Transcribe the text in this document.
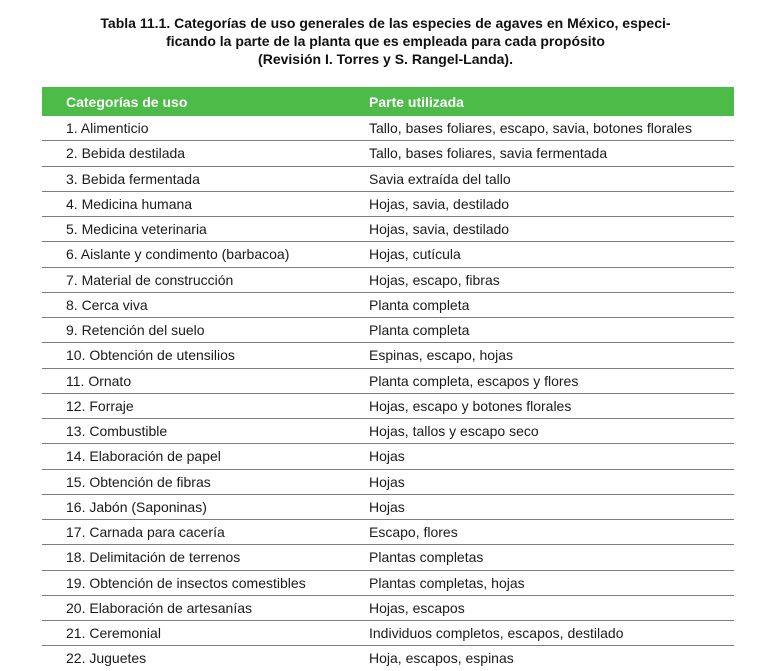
Tabla 11.1. Categorías de uso generales de las especies de agaves en México, especi-
ficando la parte de la planta que es empleada para cada propósito
(Revisión I. Torres y S. Rangel-Landa).
Categorías de uso	Parte utilizada
1. Alimenticio	Tallo, bases foliares, escapo, savia, botones florales
2. Bebida destilada	Tallo, bases foliares, savia fermentada
3. Bebida fermentada	Savia extraída del tallo
4. Medicina humana	Hojas, savia, destilado
5. Medicina veterinaria	Hojas, savia, destilado
6. Aislante y condimento (barbacoa)	Hojas, cutícula
7. Material de construcción	Hojas, escapo, fibras
8. Cerca viva	Planta completa
9. Retención del suelo	Planta completa
10. Obtención de utensilios	Espinas, escapo, hojas
11. Ornato	Planta completa, escapos y flores
12. Forraje	Hojas, escapo y botones florales
13. Combustible	Hojas, tallos y escapo seco
14. Elaboración de papel	Hojas
15. Obtención de fibras	Hojas
16. Jabón (Saponinas)	Hojas
17. Carnada para cacería	Escapo, flores
18. Delimitación de terrenos	Plantas completas
19. Obtención de insectos comestibles	Plantas completas, hojas
20. Elaboración de artesanías	Hojas, escapos
21. Ceremonial	Individuos completos, escapos, destilado
22. Juguetes	Hoja, escapos, espinas
